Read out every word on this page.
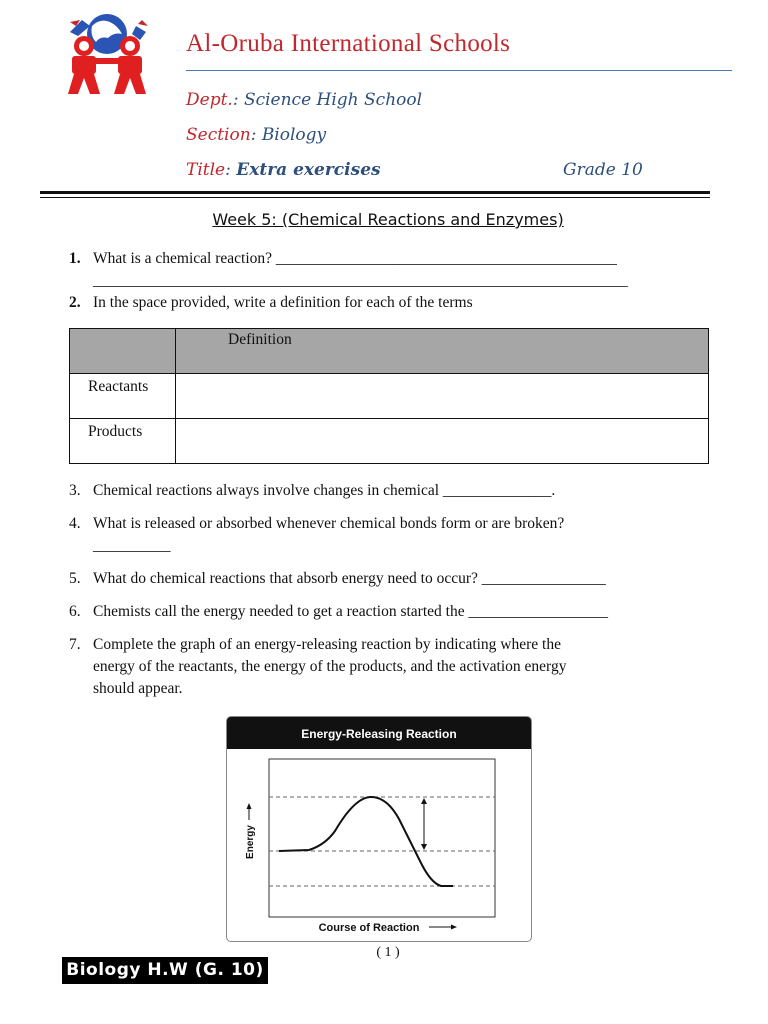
Al-Oruba International Schools
Dept.: Science High School
Section: Biology
Title: Extra exercises	Grade 10
Week 5: (Chemical Reactions and Enzymes)
1. What is a chemical reaction? ____________________________________________
_____________________________________________________________________
2. In the space provided, write a definition for each of the terms

	Definition

Reactants	

Products	

3. Chemical reactions always involve changes in chemical ______________.
4. What is released or absorbed whenever chemical bonds form or are broken?
__________
5. What do chemical reactions that absorb energy need to occur? ________________
6. Chemists call the energy needed to get a reaction started the __________________
7. Complete the graph of an energy-releasing reaction by indicating where the
energy of the reactants, the energy of the products, and the activation energy
should appear.
Energy-Releasing Reaction
Energy
Course of Reaction
( 1 )
Biology H.W (G. 10)
